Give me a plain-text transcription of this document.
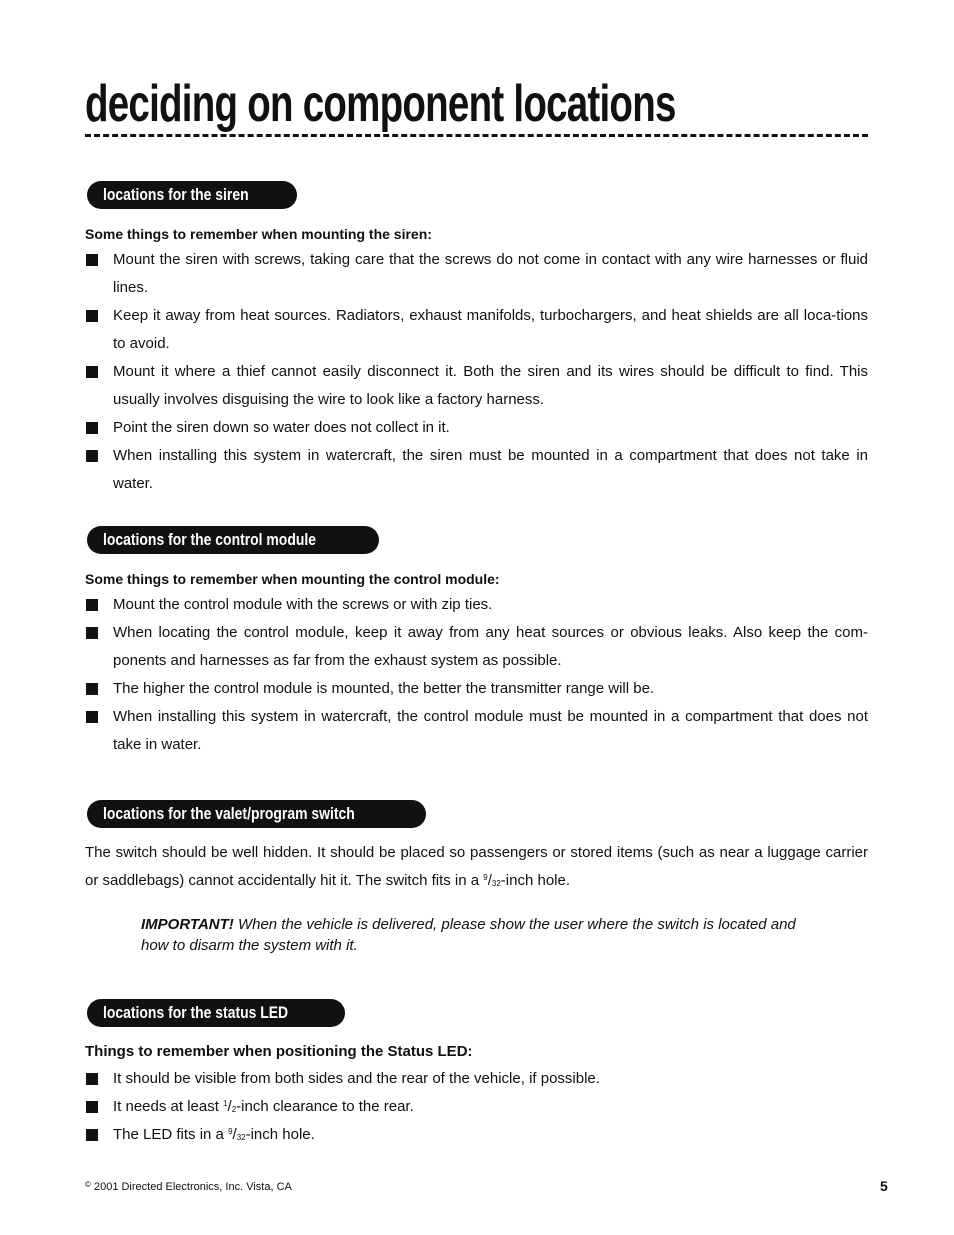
deciding on component locations
locations for the siren

Some things to remember when mounting the siren:

Mount the siren with screws, taking care that the screws do not come in contact with any wire harnesses or fluid lines.
Keep it away from heat sources. Radiators, exhaust manifolds, turbochargers, and heat shields are all loca-tions to avoid.
Mount it where a thief cannot easily disconnect it. Both the siren and its wires should be difficult to find. This usually involves disguising the wire to look like a factory harness.
Point the siren down so water does not collect in it.
When installing this system in watercraft, the siren must be mounted in a compartment that does not take in water.
locations for the control module

Some things to remember when mounting the control module:

Mount the control module with the screws or with zip ties.
When locating the control module, keep it away from any heat sources or obvious leaks. Also keep the com-ponents and harnesses as far from the exhaust system as possible.
The higher the control module is mounted, the better the transmitter range will be.
When installing this system in watercraft, the control module must be mounted in a compartment that does not take in water.
locations for the valet/program switch

The switch should be well hidden. It should be placed so passengers or stored items (such as near a luggage carrier or saddlebags) cannot accidentally hit it. The switch fits in a $^9/_{32}$-inch hole.

IMPORTANT! When the vehicle is delivered, please show the user where the switch is located and how to disarm the system with it.

locations for the status LED

Things to remember when positioning the Status LED:

It should be visible from both sides and the rear of the vehicle, if possible.
It needs at least $^1/_2$-inch clearance to the rear.
The LED fits in a $^9/_{32}$-inch hole.
© 2001 Directed Electronics, Inc. Vista, CA	5
